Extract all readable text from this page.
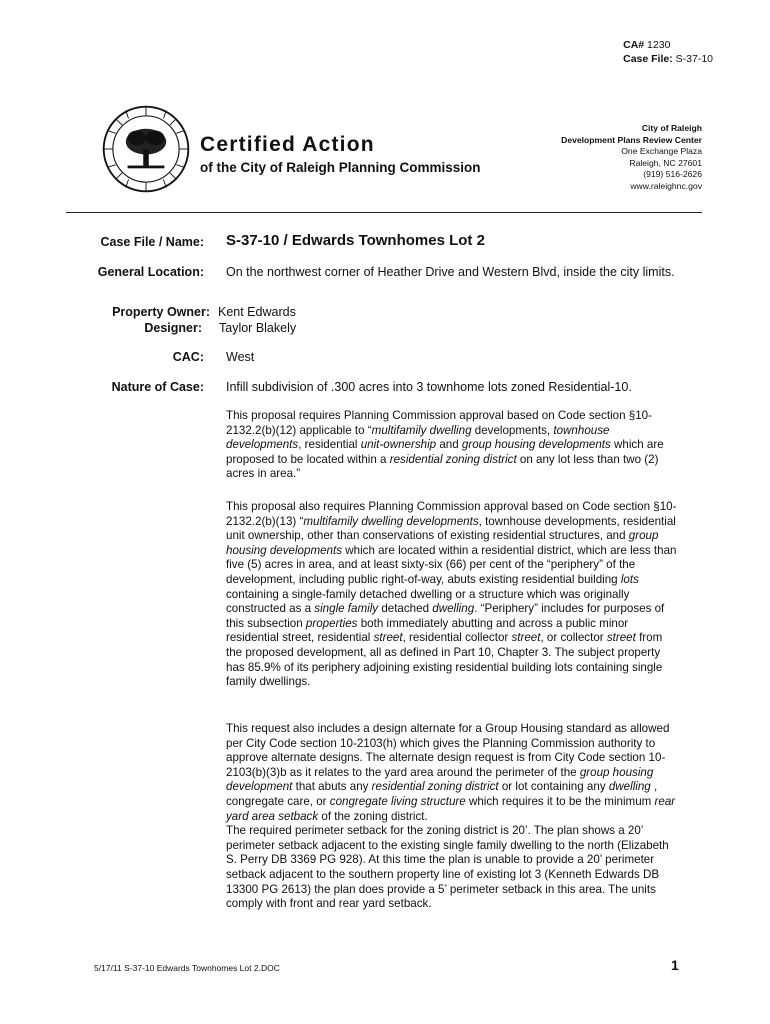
CA# 1230
Case File: S-37-10
Certified Action
of the City of Raleigh Planning Commission
City of Raleigh
Development Plans Review Center
One Exchange Plaza
Raleigh, NC 27601
(919) 516-2626
www.raleighnc.gov
Case File / Name: S-37-10 / Edwards Townhomes Lot 2
General Location: On the northwest corner of Heather Drive and Western Blvd, inside the city limits.
Property Owner: Kent Edwards
Designer: Taylor Blakely
CAC: West
Nature of Case: Infill subdivision of .300 acres into 3 townhome lots zoned Residential-10.

This proposal requires Planning Commission approval based on Code section §10-2132.2(b)(12) applicable to “multifamily dwelling developments, townhouse developments, residential unit-ownership and group housing developments which are proposed to be located within a residential zoning district on any lot less than two (2) acres in area.”

This proposal also requires Planning Commission approval based on Code section §10-2132.2(b)(13) “multifamily dwelling developments, townhouse developments, residential unit ownership, other than conservations of existing residential structures, and group housing developments which are located within a residential district, which are less than five (5) acres in area, and at least sixty-six (66) per cent of the “periphery” of the development, including public right-of-way, abuts existing residential building lots containing a single-family detached dwelling or a structure which was originally constructed as a single family detached dwelling. “Periphery” includes for purposes of this subsection properties both immediately abutting and across a public minor residential street, residential street, residential collector street, or collector street from the proposed development, all as defined in Part 10, Chapter 3. The subject property has 85.9% of its periphery adjoining existing residential building lots containing single family dwellings.

This request also includes a design alternate for a Group Housing standard as allowed per City Code section 10-2103(h) which gives the Planning Commission authority to approve alternate designs. The alternate design request is from City Code section 10-2103(b)(3)b as it relates to the yard area around the perimeter of the group housing development that abuts any residential zoning district or lot containing any dwelling , congregate care, or congregate living structure which requires it to be the minimum rear yard area setback of the zoning district.
The required perimeter setback for the zoning district is 20’. The plan shows a 20’ perimeter setback adjacent to the existing single family dwelling to the north (Elizabeth S. Perry DB 3369 PG 928). At this time the plan is unable to provide a 20’ perimeter setback adjacent to the southern property line of existing lot 3 (Kenneth Edwards DB 13300 PG 2613) the plan does provide a 5’ perimeter setback in this area. The units comply with front and rear yard setback.

5/17/11 S-37-10 Edwards Townhomes Lot 2.DOC	1
